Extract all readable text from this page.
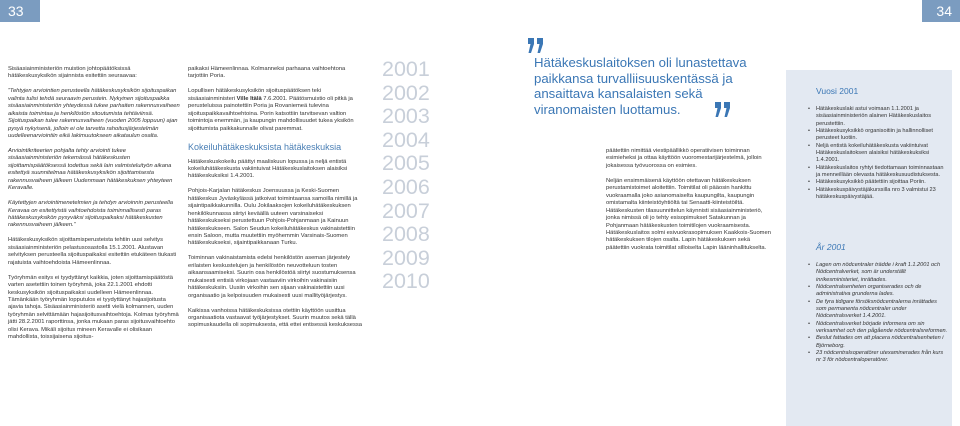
33	34

Sisäasiainministeriön muistion johtopäätöksissä hätäkeskusyksikön sijainnista esitettiin seuraavaa:

”Tehtyjen arviointien perusteella hätäkeskusyksikön sijoituspaikan valinta tulisi tehdä seuraavin perustein. Nykyinen sijoituspaikka sisäasiainministeriön yhteydessä tukee parhaiten rakennusvaiheen aikaista toimintaa ja henkilöstön sitoutumista tehtäviinsä. Sijoituspaikan tulee rakennusvaiheen (vuoden 2005 loppuun) ajan pysyä nykyisenä, jolloin ei ole tarvetta rahoitusjärjestelmän uudelleenarviointiin eikä lakimuutokseen aikataulun osalta.

Arviointikriteerien pohjalta tehty arviointi tukee sisäasiainministeriön tekemässä hätäkeskusten sijoittamispäätöksessä todettua sekä lain valmisteluityön aikana esitettyä suunnitelmaa hätäkeskusyksikön sijoittamisesta rakennusvaiheen jälkeen Uudenmaan hätäkeskuksen yhteyteen Keravalle.

Käytettyjen arviointimenetelmien ja tehdyn arvioinnin perusteella Keravaa on esitettyistä vaihtoehdoista toiminnallisesti paras hätäkeskusyksikön pysyväksi sijoituspaikaksi hätäkeskusten rakennusvaiheen jälkeen.”

Hätäkeskusyksikön sijoittamisperusteista tehtiin uusi selvitys sisäasiainministeriön pelastusosastolla 15.1.2001. Alustavan selvityksen perusteella sijoituspaikaksi esitettiin etukäteen tiukasti rajatuista vaihtoehdoista Hämeenlinnaa.

Työryhmän esitys ei tyydyttänyt kaikkia, joten sijoittamispäätöstä varten asetettiin toinen työryhmä, joka 22.1.2001 ehdotti keskusyksikön sijoituspaikaksi uudelleen Hämeenlinnaa. Tämänkään työryhmän lopputulos ei tyydyttänyt hajasijoitusta ajavia tahoja. Sisäasiainministeriö asetti vielä kolmannen, uuden työryhmän selvittämään hajasijoitusvaihtoehtoja. Kolmas työryhmä jätti 28.2.2001 raporttinsa, jonka mukaan paras sijoitusvaihtoehto olisi Kerava. Mikäli sijoitus mineen Keravalle ei olisikaan mahdollista, toissijaisena sijoitus-

paikaksi Hämeenlinnaa. Kolmanneksi parhaana vaihtoehtona tarjottiin Poria.

Lopullisen hätäkeskusyksikön sijoituspäätöksen teki sisäasiainministeri Ville Itälä 7.6.2001. Päätösmuistio oli pitkä ja perusteluissa painotettiin Poria ja Rovaniemeä tulevina sijoituspaikkavaihtoehtoina. Porin katsottiin tarvitsevan valtion toimintoja enemmän, ja kaupungin mahdollisuudet tukea yksikön sijoittumista paikkakunnalle olivat paremmat.

Kokeiluhätäkeskuksista hätäkeskuksia

Hätäkeskuskokeilu päättyi maaliskuun lopussa ja neljä entistä kokeiluhätäkeskusta vakiintuivat Hätäkeskuslaitoksen alaisiksi hätäkeskuksiksi 1.4.2001.

Pohjois-Karjalan hätäkeskus Joensuussa ja Keski-Suomen hätäkeskus Jyväskylässä jatkoivat toimintaansa samoilla nimillä ja sijaintipaikkakunnilla. Oulu Jokilaaksojen kokeiluhätäkeskuksen henkilökunnassa siirtyi keväällä uuteen varsinaiseksi hätäkeskukseksi perustettuun Pohjois-Pohjanmaan ja Kainuun hätäkeskukseen. Salon Seudun kokeiluhätäkeskus vakinaistettiin ensin Saloon, mutta muutettiin myöhemmin Varsinais-Suomen hätäkeskukseksi, sijaintipaikkanaan Turku.

Toiminnan vakinaistamista edelsi henkilöstön aseman järjestely erilaisten keskustelujen ja henkilöstön neuvotteluun tosten aikaansaamiseksi. Suurin osa henkilöstöä siirtyi suostumuksensa mukaisesti entisiä virkojaan vastaaviin virkoihin vakinaisiin hätäkeskuksiin. Uusiin virkoihin sen sijaan vakinaistettiin uusi organisaatio ja kelpoisuuden mukaisesti uusi mallityöjärjestys.

Kaikissa vanhoissa hätäkeskuksissa otettiin käyttöön uusittua organisaatiota vastaavat työjärjestykset. Suurin muutos sekä tällä sopimuskaudella oli sopimuksesta, että ettei entisessä keskuksessa

2001
2002
2003
2004
2005
2006
2007
2008
2009
2010
Hätäkeskuslaitoksen oli lunastettava paikkansa turvalliisuuskentässä ja ansaittava kansalaisten sekä viranomaisten luottamus.

päätettiin nimittää viestipäällikkö operatiivisen toiminnan esimieheksi ja ottaa käyttöön vuoromestarijärjestelmä, jolloin jokaisessa työvuorossa on esimies.

Neljän ensimmäisenä käyttöön otettavan hätäkeskuksen perustamistoimet aloitettiin. Toimitilat oli pääosin hankittu vuokraamalla joko asianomaiselta kaupungilta, kaupungin omistamalta kiinteistöyhtiöltä tai Senaatti-kiinteistöiltä. Hätäkeskusten tilasuunnittelun käynnisti sisäasiainministeriö, jonka nimissä oli jo tehty esisopimukset Satakunnan ja Pohjanmaan hätäkeskusten toimitilojen vuokraamisesta. Hätäkeskuslaitos solmi esivuokrasopimuksen Kaakkois-Suomen hätäkeskuksen tilojen osalta. Lapin hätäkeskuksen sekä päätettiin vuokrata toimitilat silloiselta Lapin lääninhallitukselta.

Vuosi 2001
• Hätäkeskuslaki astui voimaan 1.1.2001 ja sisäasiainministeriön alainen Hätäkeskuslaitos perustettiin.
• Hätäkeskusyksikkö organisoitiin ja hallinnolliset perusteet luotiin.
• Neljä entistä kokeiluhätäkeskusta vakiintuivat Hätäkeskuslaitoksen alaisiksi hätäkeskuksiksi 1.4.2001.
• Hätäkeskuslaitos ryhtyi tiedottamaan toiminnastaan ja menneillään olevasta hätäkeskusuudistuksesta.
• Hätäkeskusyksikkö päätettiin sijoittaa Poriin.
• Hätäkeskuspäivystäjäkurssilla nro 3 valmistui 23 hätäkeskuspäivystäjää.
År 2001
• Lagen om nödcentraler trädde i kraft 1.1.2001 och Nödcentralverket, som är underställt inrikesministeriet, inrättades.
• Nödcentralsenheten organiserades och de administrativa grunderna lades.
• De fyra tidigare försöksnödcentralerna inrättades som permanenta nödcentraler under Nödcentralsverket 1.4.2001.
• Nödcentralsverket började informera om sin verksamhet och den pågående nödcentralsreformen.
• Beslut fattades om att placera nödcentralsenheten i Björneborg.
• 23 nödcentralsoperatörer utexaminerades från kurs nr 3 för nödcentraloperatörer.
